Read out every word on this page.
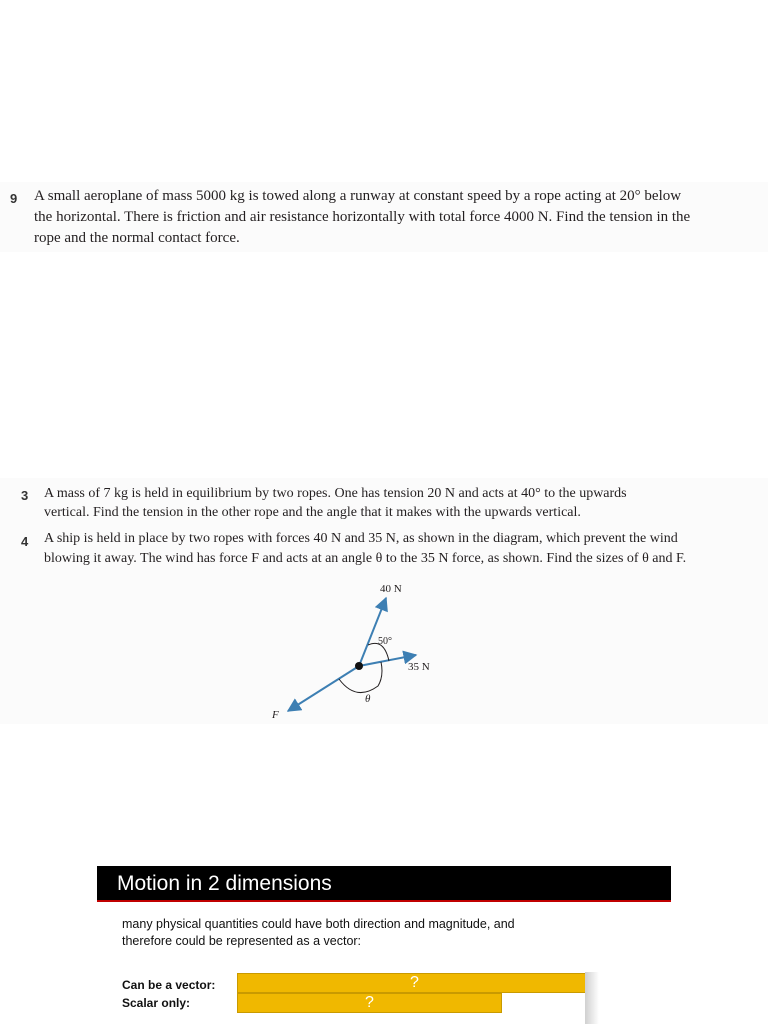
9 A small aeroplane of mass 5000 kg is towed along a runway at constant speed by a rope acting at 20° below
the horizontal. There is friction and air resistance horizontally with total force 4000 N. Find the tension in the
rope and the normal contact force.
3 A mass of 7 kg is held in equilibrium by two ropes. One has tension 20 N and acts at 40° to the upwards
vertical. Find the tension in the other rope and the angle that it makes with the upwards vertical.
4 A ship is held in place by two ropes with forces 40 N and 35 N, as shown in the diagram, which prevent the wind
blowing it away. The wind has force F and acts at an angle θ to the 35 N force, as shown. Find the sizes of θ and F.
40 N
50°
35 N
θ
F
Motion in 2 dimensions
many physical quantities could have both direction and magnitude, and therefore could be represented as a vector:
Can be a vector:	?
Scalar only:	?
